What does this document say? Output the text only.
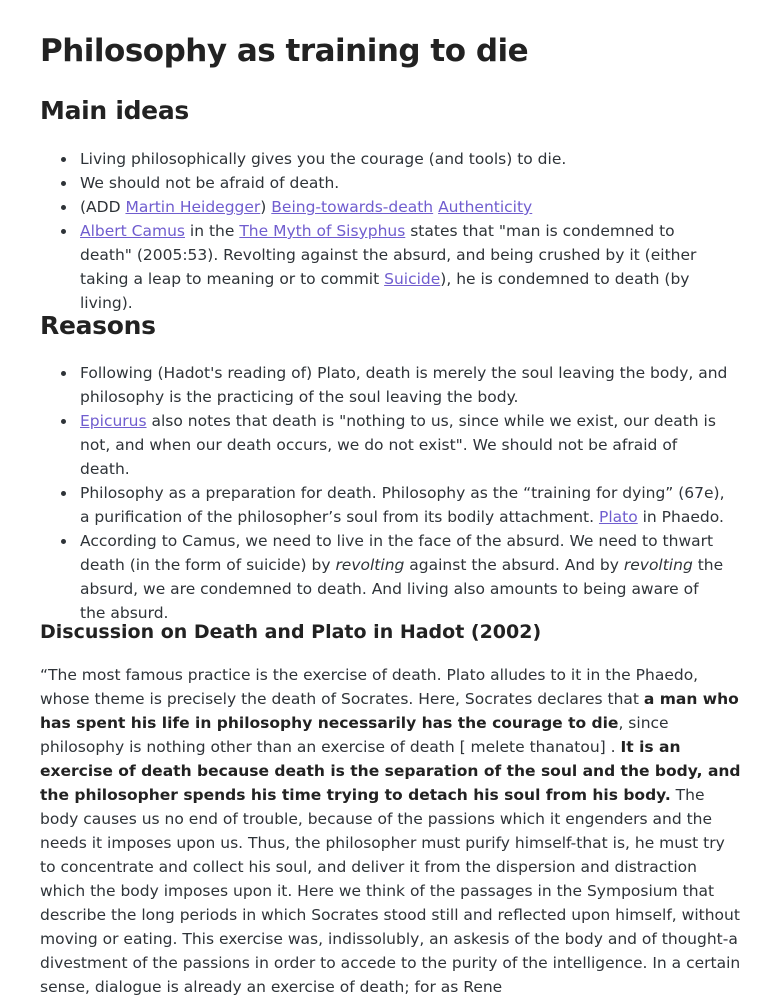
Philosophy as training to die
Main ideas
Living philosophically gives you the courage (and tools) to die.
We should not be afraid of death.
(ADD Martin Heidegger) Being-towards-death Authenticity
Albert Camus in the The Myth of Sisyphus states that "man is condemned to death" (2005:53). Revolting against the absurd, and being crushed by it (either taking a leap to meaning or to commit Suicide), he is condemned to death (by living).
Reasons
Following (Hadot's reading of) Plato, death is merely the soul leaving the body, and philosophy is the practicing of the soul leaving the body.
Epicurus also notes that death is "nothing to us, since while we exist, our death is not, and when our death occurs, we do not exist". We should not be afraid of death.
Philosophy as a preparation for death. Philosophy as the “training for dying” (67e), a purification of the philosopher’s soul from its bodily attachment. Plato in Phaedo.
According to Camus, we need to live in the face of the absurd. We need to thwart death (in the form of suicide) by revolting against the absurd. And by revolting the absurd, we are condemned to death. And living also amounts to being aware of the absurd.
Discussion on Death and Plato in Hadot (2002)

“The most famous practice is the exercise of death. Plato alludes to it in the Phaedo, whose theme is precisely the death of Socrates. Here, Socrates declares that a man who has spent his life in philosophy necessarily has the courage to die, since philosophy is nothing other than an exercise of death [ melete thanatou] . It is an exercise of death because death is the separation of the soul and the body, and the philosopher spends his time trying to detach his soul from his body. The body causes us no end of trouble, because of the passions which it engenders and the needs it imposes upon us. Thus, the philosopher must purify himself-that is, he must try to concentrate and collect his soul, and deliver it from the dispersion and distraction which the body imposes upon it. Here we think of the passages in the Symposium that describe the long periods in which Socrates stood still and reflected upon himself, without moving or eating. This exercise was, indissolubly, an askesis of the body and of thought-a divestment of the passions in order to accede to the purity of the intelligence. In a certain sense, dialogue is already an exercise of death; for as Rene
